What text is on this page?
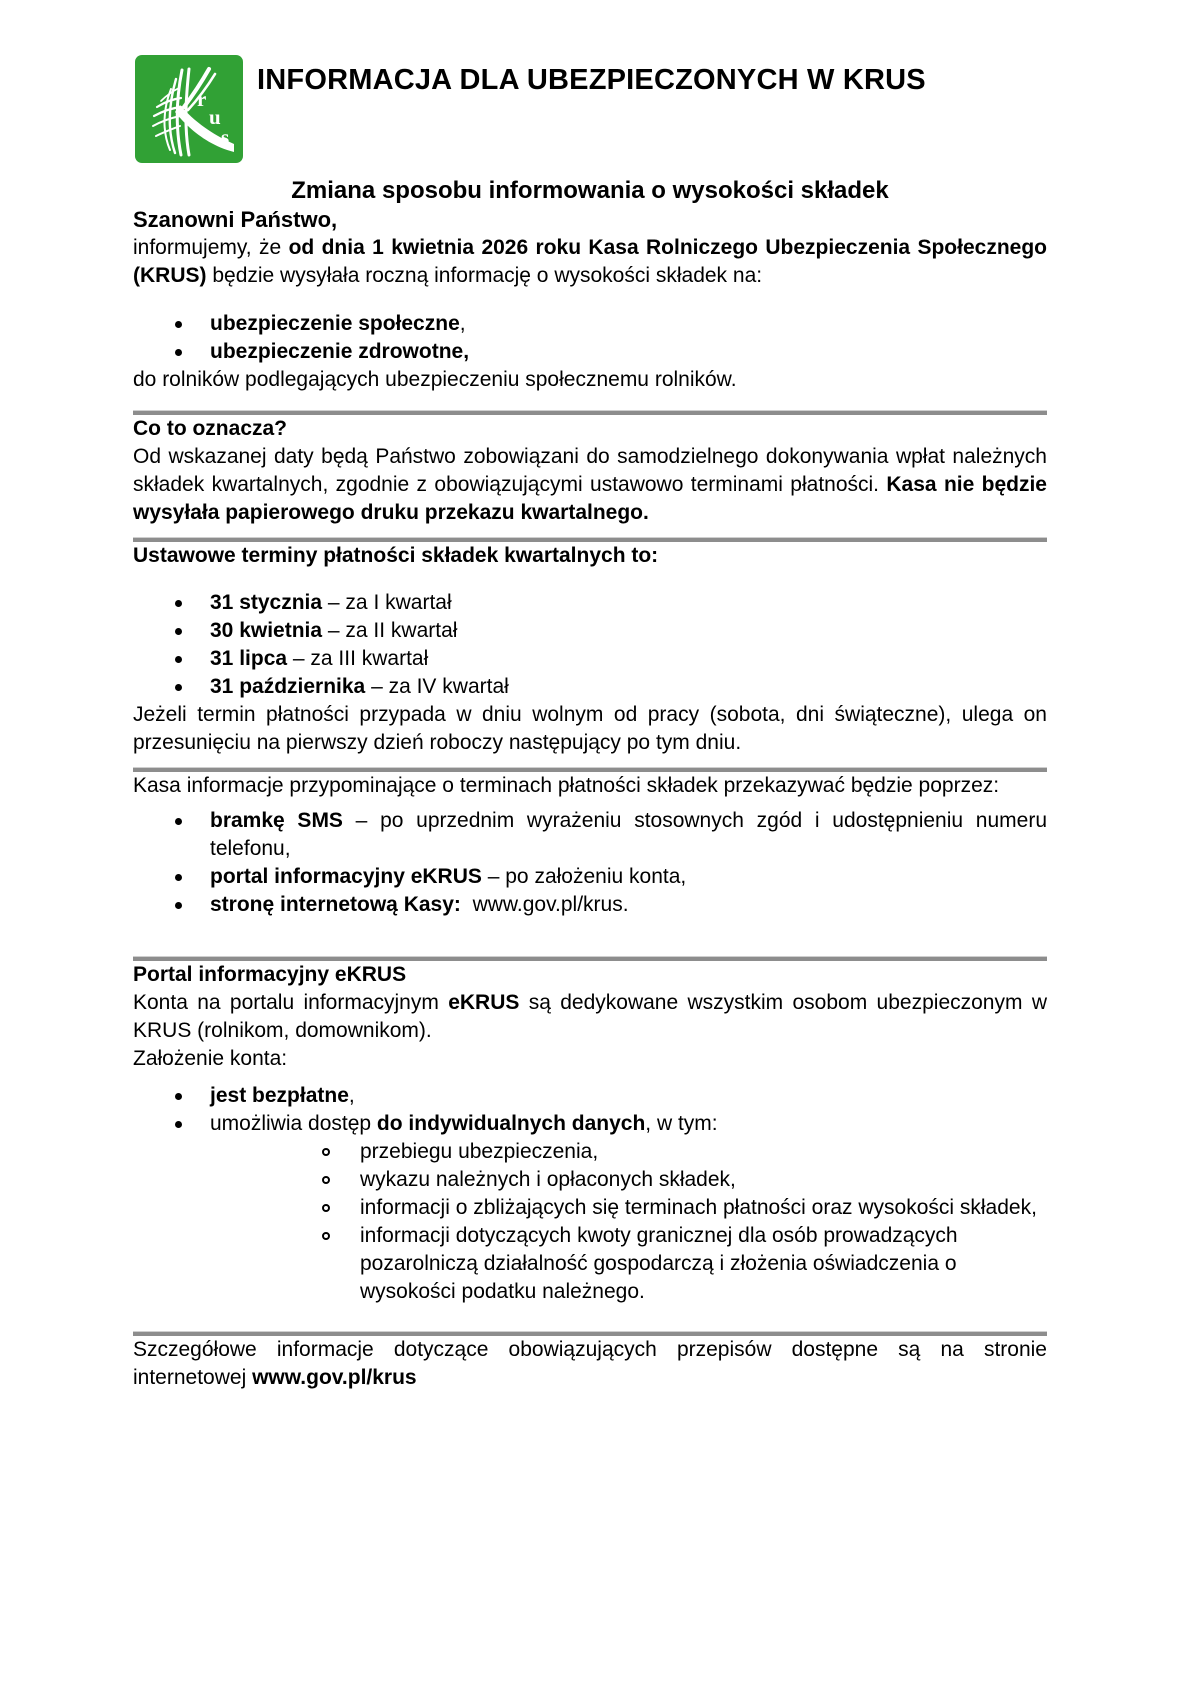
r
u
s
INFORMACJA DLA UBEZPIECZONYCH W KRUS
Zmiana sposobu informowania o wysokości składek

Szanowni Państwo,

informujemy, że od dnia 1 kwietnia 2026 roku Kasa Rolniczego Ubezpieczenia Społecznego (KRUS) będzie wysyłała roczną informację o wysokości składek na:

ubezpieczenie społeczne,
ubezpieczenie zdrowotne,

do rolników podlegających ubezpieczeniu społecznemu rolników.

Co to oznacza?

Od wskazanej daty będą Państwo zobowiązani do samodzielnego dokonywania wpłat należnych składek kwartalnych, zgodnie z obowiązującymi ustawowo terminami płatności. Kasa nie będzie wysyłała papierowego druku przekazu kwartalnego.

Ustawowe terminy płatności składek kwartalnych to:
31 stycznia – za I kwartał
30 kwietnia – za II kwartał
31 lipca – za III kwartał
31 października – za IV kwartał

Jeżeli termin płatności przypada w dniu wolnym od pracy (sobota, dni świąteczne), ulega on przesunięciu na pierwszy dzień roboczy następujący po tym dniu.

Kasa informacje przypominające o terminach płatności składek przekazywać będzie poprzez:

bramkę SMS – po uprzednim wyrażeniu stosownych zgód i udostępnieniu numeru telefonu,
portal informacyjny eKRUS – po założeniu konta,
stronę internetową Kasy:  www.gov.pl/krus.
Portal informacyjny eKRUS

Konta na portalu informacyjnym eKRUS są dedykowane wszystkim osobom ubezpieczonym w KRUS (rolnikom, domownikom).

Założenie konta:

jest bezpłatne,
umożliwia dostęp do indywidualnych danych, w tym:
przebiegu ubezpieczenia,
wykazu należnych i opłaconych składek,
informacji o zbliżających się terminach płatności oraz wysokości składek,
informacji dotyczących kwoty granicznej dla osób prowadzących pozarolniczą działalność gospodarczą i złożenia oświadczenia o wysokości podatku należnego.

Szczegółowe informacje dotyczące obowiązujących przepisów dostępne są na stronie internetowej www.gov.pl/krus
